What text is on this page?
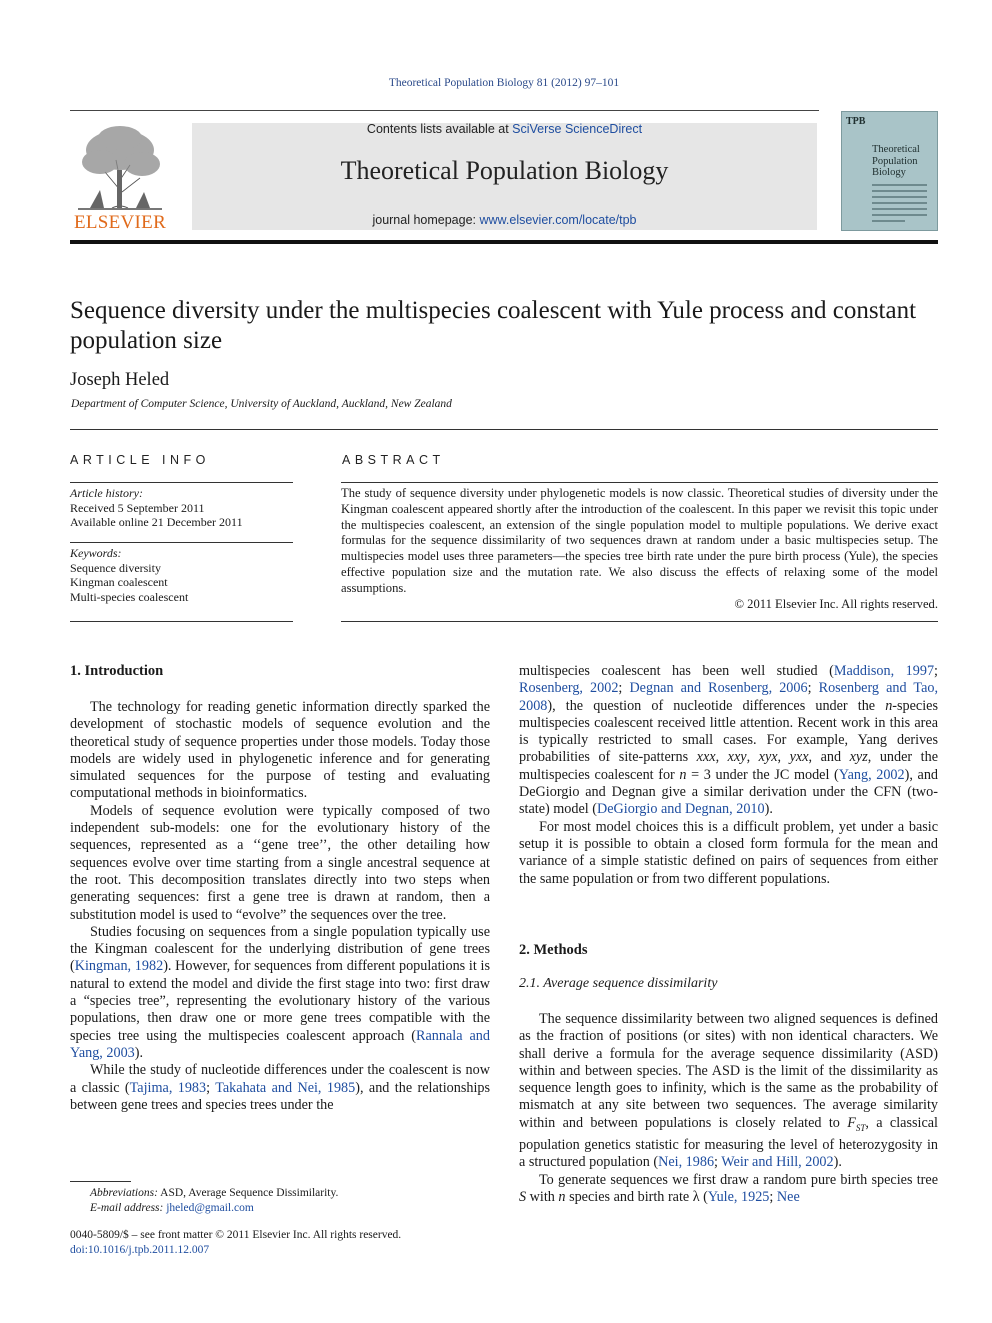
Theoretical Population Biology 81 (2012) 97–101
ELSEVIER
Contents lists available at SciVerse ScienceDirect
Theoretical Population Biology
journal homepage: www.elsevier.com/locate/tpb
TPB
Theoretical
Population
Biology
Sequence diversity under the multispecies coalescent with Yule process and constant population size
Joseph Heled
Department of Computer Science, University of Auckland, Auckland, New Zealand
ARTICLE INFO
Article history:
Received 5 September 2011
Available online 21 December 2011
Keywords:
Sequence diversity
Kingman coalescent
Multi-species coalescent
ABSTRACT
The study of sequence diversity under phylogenetic models is now classic. Theoretical studies of diversity under the Kingman coalescent appeared shortly after the introduction of the coalescent. In this paper we revisit this topic under the multispecies coalescent, an extension of the single population model to multiple populations. We derive exact formulas for the sequence dissimilarity of two sequences drawn at random under a basic multispecies setup. The multispecies model uses three parameters—the species tree birth rate under the pure birth process (Yule), the species effective population size and the mutation rate. We also discuss the effects of relaxing some of the model assumptions.
© 2011 Elsevier Inc. All rights reserved.
1. Introduction

The technology for reading genetic information directly sparked the development of stochastic models of sequence evolution and the theoretical study of sequence properties under those models. Today those models are widely used in phylogenetic inference and for generating simulated sequences for the purpose of testing and evaluating computational methods in bioinformatics.

Models of sequence evolution were typically composed of two independent sub-models: one for the evolutionary history of the sequences, represented as a ‘‘gene tree’’, the other detailing how sequences evolve over time starting from a single ancestral sequence at the root. This decomposition translates directly into two steps when generating sequences: first a gene tree is drawn at random, then a substitution model is used to “evolve” the sequences over the tree.

Studies focusing on sequences from a single population typically use the Kingman coalescent for the underlying distribution of gene trees (Kingman, 1982). However, for sequences from different populations it is natural to extend the model and divide the first stage into two: first draw a “species tree”, representing the evolutionary history of the various populations, then draw one or more gene trees compatible with the species tree using the multispecies coalescent approach (Rannala and Yang, 2003).

While the study of nucleotide differences under the coalescent is now a classic (Tajima, 1983; Takahata and Nei, 1985), and the relationships between gene trees and species trees under the

Abbreviations: ASD, Average Sequence Dissimilarity.
E-mail address: jheled@gmail.com
0040-5809/$ – see front matter © 2011 Elsevier Inc. All rights reserved.
doi:10.1016/j.tpb.2011.12.007

multispecies coalescent has been well studied (Maddison, 1997; Rosenberg, 2002; Degnan and Rosenberg, 2006; Rosenberg and Tao, 2008), the question of nucleotide differences under the n-species multispecies coalescent received little attention. Recent work in this area is typically restricted to small cases. For example, Yang derives probabilities of site-patterns xxx, xxy, xyx, yxx, and xyz, under the multispecies coalescent for n = 3 under the JC model (Yang, 2002), and DeGiorgio and Degnan give a similar derivation under the CFN (two-state) model (DeGiorgio and Degnan, 2010).

For most model choices this is a difficult problem, yet under a basic setup it is possible to obtain a closed form formula for the mean and variance of a simple statistic defined on pairs of sequences from either the same population or from two different populations.

2. Methods
2.1. Average sequence dissimilarity

The sequence dissimilarity between two aligned sequences is defined as the fraction of positions (or sites) with non identical characters. We shall derive a formula for the average sequence dissimilarity (ASD) within and between species. The ASD is the limit of the dissimilarity as sequence length goes to infinity, which is the same as the probability of mismatch at any site between two sequences. The average similarity within and between populations is closely related to $F_{ST}$, a classical population genetics statistic for measuring the level of heterozygosity in a structured population (Nei, 1986; Weir and Hill, 2002).

To generate sequences we first draw a random pure birth species tree S with n species and birth rate λ (Yule, 1925; Nee
